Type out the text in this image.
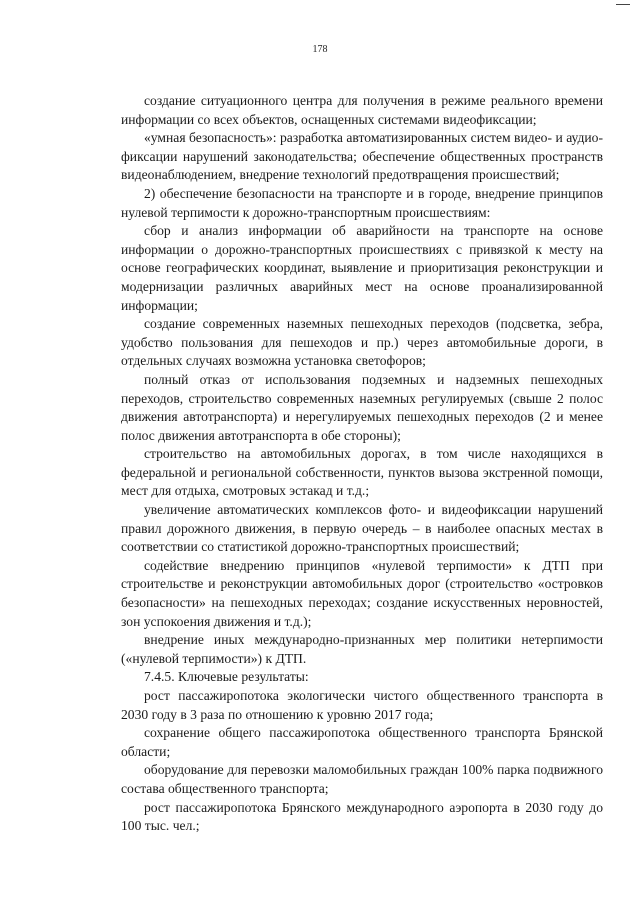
178

создание ситуационного центра для получения в режиме реального времени информации со всех объектов, оснащенных системами видеофиксации;

«умная безопасность»: разработка автоматизированных систем видео- и аудио-фиксации нарушений законодательства; обеспечение общественных пространств видеонаблюдением, внедрение технологий предотвращения происшествий;

2) обеспечение безопасности на транспорте и в городе, внедрение принципов нулевой терпимости к дорожно-транспортным происшествиям:

сбор и анализ информации об аварийности на транспорте на основе информации о дорожно-транспортных происшествиях с привязкой к месту на основе географических координат, выявление и приоритизация реконструкции и модернизации различных аварийных мест на основе проанализированной информации;

создание современных наземных пешеходных переходов (подсветка, зебра, удобство пользования для пешеходов и пр.) через автомобильные дороги, в отдельных случаях возможна установка светофоров;

полный отказ от использования подземных и надземных пешеходных переходов, строительство современных наземных регулируемых (свыше 2 полос движения автотранспорта) и нерегулируемых пешеходных переходов (2 и менее полос движения автотранспорта в обе стороны);

строительство на автомобильных дорогах, в том числе находящихся в федеральной и региональной собственности, пунктов вызова экстренной помощи, мест для отдыха, смотровых эстакад и т.д.;

увеличение автоматических комплексов фото- и видеофиксации нарушений правил дорожного движения, в первую очередь – в наиболее опасных местах в соответствии со статистикой дорожно-транспортных происшествий;

содействие внедрению принципов «нулевой терпимости» к ДТП при строительстве и реконструкции автомобильных дорог (строительство «островков безопасности» на пешеходных переходах; создание искусственных неровностей, зон успокоения движения и т.д.);

внедрение иных международно-признанных мер политики нетерпимости («нулевой терпимости») к ДТП.

7.4.5. Ключевые результаты:

рост пассажиропотока экологически чистого общественного транспорта в 2030 году в 3 раза по отношению к уровню 2017 года;

сохранение общего пассажиропотока общественного транспорта Брянской области;

оборудование для перевозки маломобильных граждан 100% парка подвижного состава общественного транспорта;

рост пассажиропотока Брянского международного аэропорта в 2030 году до 100 тыс. чел.;
